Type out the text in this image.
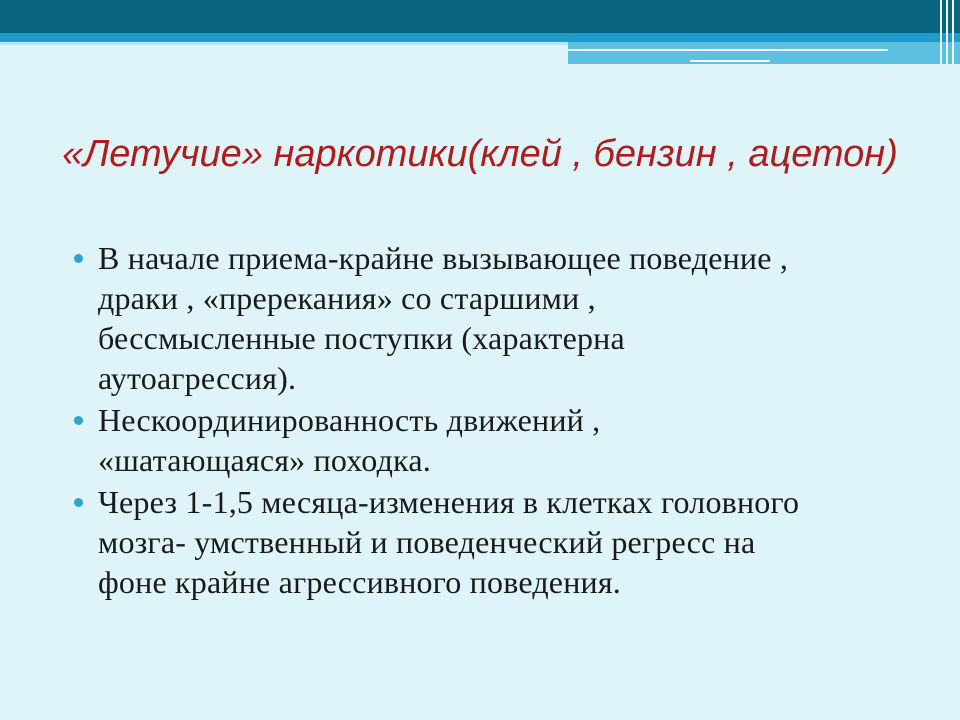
«Летучие» наркотики(клей , бензин , ацетон)
В начале приема-крайне вызывающее поведение , драки , «пререкания» со старшими , бессмысленные поступки (характерна аутоагрессия).
Нескоординированность движений , «шатающаяся» походка.
Через 1-1,5 месяца-изменения в клетках головного мозга- умственный и поведенческий регресс на фоне крайне агрессивного поведения.
